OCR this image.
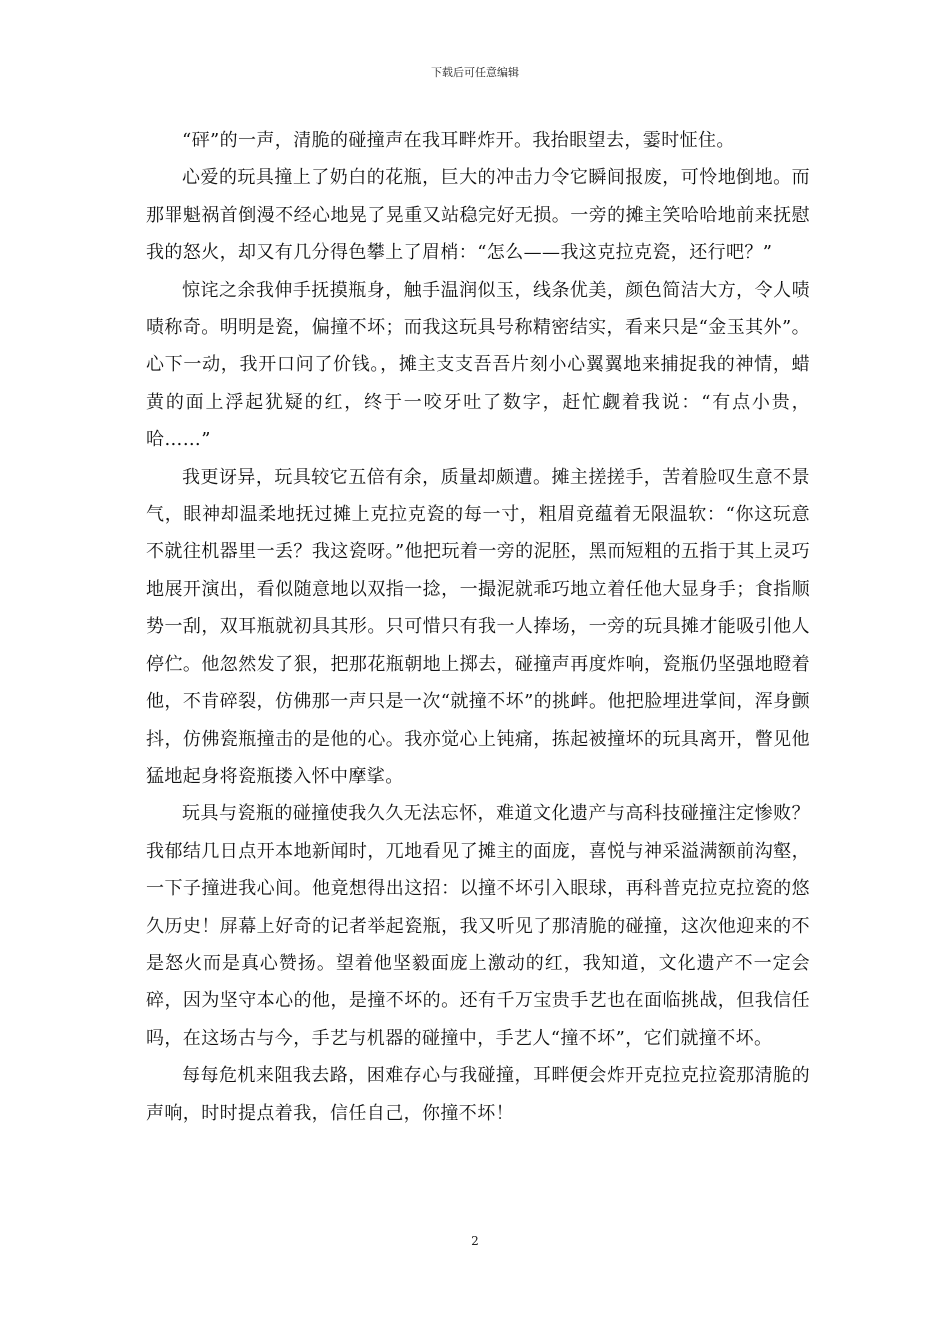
下载后可任意编辑

“砰”的一声，清脆的碰撞声在我耳畔炸开。我抬眼望去，霎时怔住。

心爱的玩具撞上了奶白的花瓶，巨大的冲击力令它瞬间报废，可怜地倒地。而那罪魁祸首倒漫不经心地晃了晃重又站稳完好无损。一旁的摊主笑哈哈地前来抚慰我的怒火，却又有几分得色攀上了眉梢：“怎么——我这克拉克瓷，还行吧？”

惊诧之余我伸手抚摸瓶身，触手温润似玉，线条优美，颜色简洁大方，令人啧啧称奇。明明是瓷，偏撞不坏；而我这玩具号称精密结实，看来只是“金玉其外”。心下一动，我开口问了价钱。，摊主支支吾吾片刻小心翼翼地来捕捉我的神情，蜡黄的面上浮起犹疑的红，终于一咬牙吐了数字，赶忙觑着我说：“有点小贵，哈……”

我更讶异，玩具较它五倍有余，质量却颇遭。摊主搓搓手，苦着脸叹生意不景气，眼神却温柔地抚过摊上克拉克瓷的每一寸，粗眉竟蕴着无限温软：“你这玩意不就往机器里一丢？我这瓷呀。”他把玩着一旁的泥胚，黑而短粗的五指于其上灵巧地展开演出，看似随意地以双指一捻，一撮泥就乖巧地立着任他大显身手；食指顺势一刮，双耳瓶就初具其形。只可惜只有我一人捧场，一旁的玩具摊才能吸引他人停伫。他忽然发了狠，把那花瓶朝地上掷去，碰撞声再度炸响，瓷瓶仍坚强地瞪着他，不肯碎裂，仿佛那一声只是一次“就撞不坏”的挑衅。他把脸埋进掌间，浑身颤抖，仿佛瓷瓶撞击的是他的心。我亦觉心上钝痛，拣起被撞坏的玩具离开，瞥见他猛地起身将瓷瓶搂入怀中摩挲。

玩具与瓷瓶的碰撞使我久久无法忘怀，难道文化遗产与高科技碰撞注定惨败？我郁结几日点开本地新闻时，兀地看见了摊主的面庞，喜悦与神采溢满额前沟壑，一下子撞进我心间。他竟想得出这招：以撞不坏引入眼球，再科普克拉克拉瓷的悠久历史！屏幕上好奇的记者举起瓷瓶，我又听见了那清脆的碰撞，这次他迎来的不是怒火而是真心赞扬。望着他坚毅面庞上激动的红，我知道，文化遗产不一定会碎，因为坚守本心的他，是撞不坏的。还有千万宝贵手艺也在面临挑战，但我信任吗，在这场古与今，手艺与机器的碰撞中，手艺人“撞不坏”，它们就撞不坏。

每每危机来阻我去路，困难存心与我碰撞，耳畔便会炸开克拉克拉瓷那清脆的声响，时时提点着我，信任自己，你撞不坏！

2
